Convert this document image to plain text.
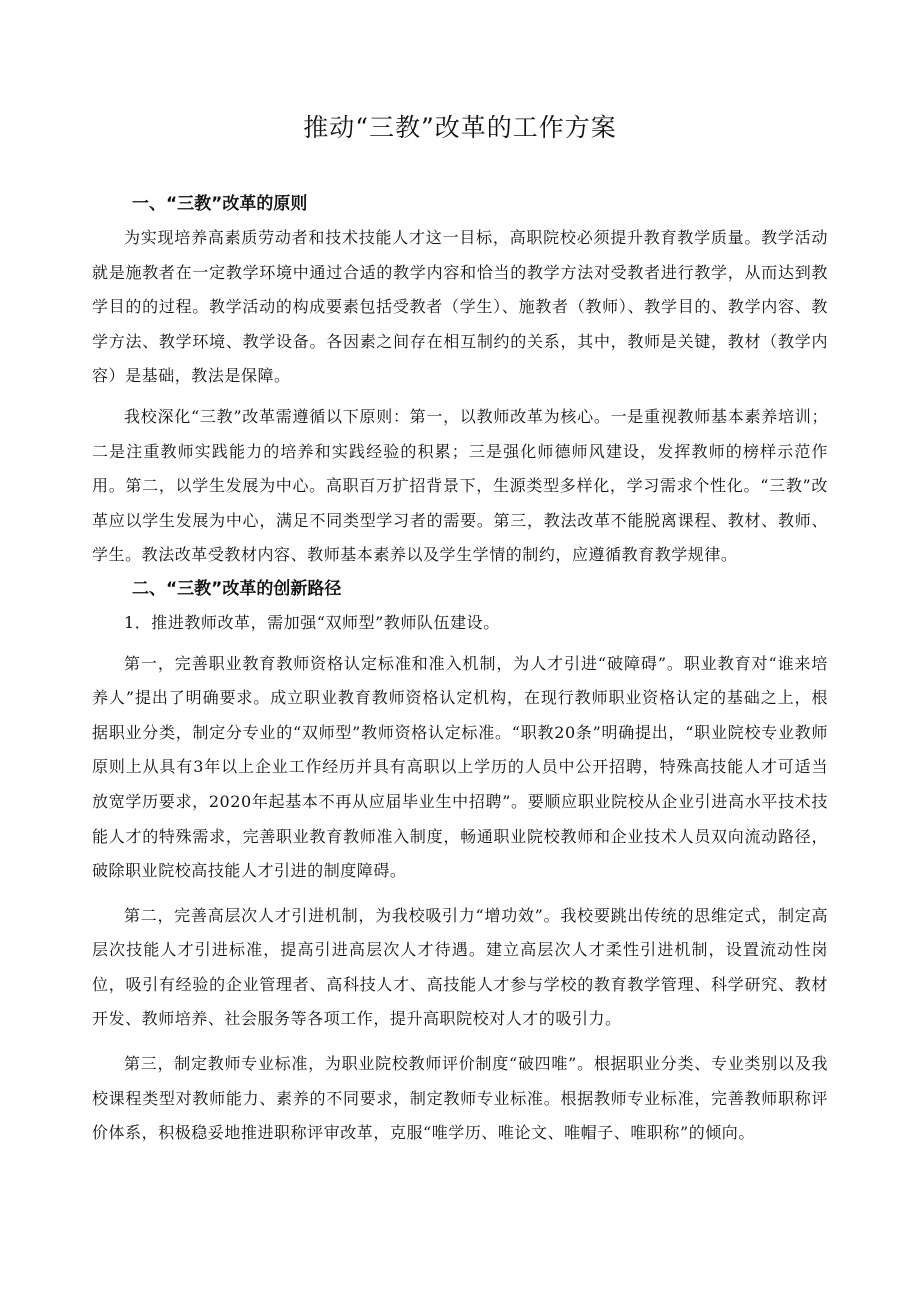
推动“三教”改革的工作方案
一、“三教”改革的原则

为实现培养高素质劳动者和技术技能人才这一目标，高职院校必须提升教育教学质量。教学活动就是施教者在一定教学环境中通过合适的教学内容和恰当的教学方法对受教者进行教学，从而达到教学目的的过程。教学活动的构成要素包括受教者（学生）、施教者（教师）、教学目的、教学内容、教学方法、教学环境、教学设备。各因素之间存在相互制约的关系，其中，教师是关键，教材（教学内容）是基础，教法是保障。

我校深化“三教”改革需遵循以下原则：第一，以教师改革为核心。一是重视教师基本素养培训；二是注重教师实践能力的培养和实践经验的积累；三是强化师德师风建设，发挥教师的榜样示范作用。第二，以学生发展为中心。高职百万扩招背景下，生源类型多样化，学习需求个性化。“三教”改革应以学生发展为中心，满足不同类型学习者的需要。第三，教法改革不能脱离课程、教材、教师、学生。教法改革受教材内容、教师基本素养以及学生学情的制约，应遵循教育教学规律。

二、“三教”改革的创新路径

1．推进教师改革，需加强“双师型”教师队伍建设。

第一，完善职业教育教师资格认定标准和准入机制，为人才引进“破障碍”。职业教育对“谁来培养人”提出了明确要求。成立职业教育教师资格认定机构，在现行教师职业资格认定的基础之上，根据职业分类，制定分专业的“双师型”教师资格认定标准。“职教20条”明确提出，“职业院校专业教师原则上从具有3年以上企业工作经历并具有高职以上学历的人员中公开招聘，特殊高技能人才可适当放宽学历要求，2020年起基本不再从应届毕业生中招聘”。要顺应职业院校从企业引进高水平技术技能人才的特殊需求，完善职业教育教师准入制度，畅通职业院校教师和企业技术人员双向流动路径，破除职业院校高技能人才引进的制度障碍。

第二，完善高层次人才引进机制，为我校吸引力“增功效”。我校要跳出传统的思维定式，制定高层次技能人才引进标准，提高引进高层次人才待遇。建立高层次人才柔性引进机制，设置流动性岗位，吸引有经验的企业管理者、高科技人才、高技能人才参与学校的教育教学管理、科学研究、教材开发、教师培养、社会服务等各项工作，提升高职院校对人才的吸引力。

第三，制定教师专业标准，为职业院校教师评价制度“破四唯”。根据职业分类、专业类别以及我校课程类型对教师能力、素养的不同要求，制定教师专业标准。根据教师专业标准，完善教师职称评价体系，积极稳妥地推进职称评审改革，克服“唯学历、唯论文、唯帽子、唯职称”的倾向。
